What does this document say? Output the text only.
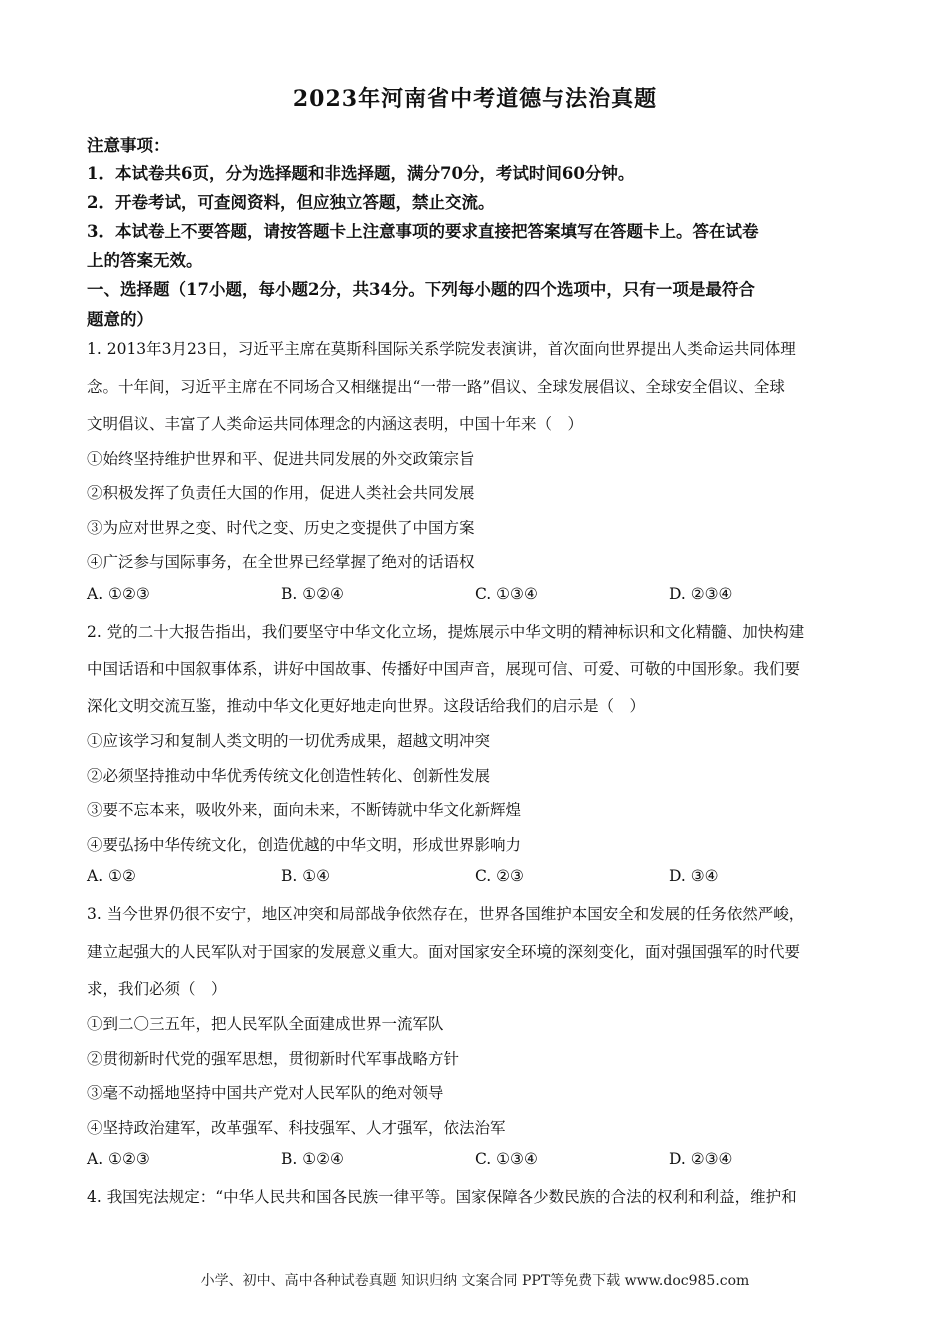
2023年河南省中考道德与法治真题
注意事项：
1．本试卷共6页，分为选择题和非选择题，满分70分，考试时间60分钟。
2．开卷考试，可查阅资料，但应独立答题，禁止交流。
3．本试卷上不要答题，请按答题卡上注意事项的要求直接把答案填写在答题卡上。答在试卷
上的答案无效。
一、选择题（17小题，每小题2分，共34分。下列每小题的四个选项中，只有一项是最符合
题意的）
1. 2013年3月23日，习近平主席在莫斯科国际关系学院发表演讲，首次面向世界提出人类命运共同体理
念。十年间，习近平主席在不同场合又相继提出“一带一路”倡议、全球发展倡议、全球安全倡议、全球
文明倡议、丰富了人类命运共同体理念的内涵这表明，中国十年来（　）
①始终坚持维护世界和平、促进共同发展的外交政策宗旨
②积极发挥了负责任大国的作用，促进人类社会共同发展
③为应对世界之变、时代之变、历史之变提供了中国方案
④广泛参与国际事务，在全世界已经掌握了绝对的话语权
A. ①②③	B. ①②④	C. ①③④	D. ②③④
2. 党的二十大报告指出，我们要坚守中华文化立场，提炼展示中华文明的精神标识和文化精髓、加快构建
中国话语和中国叙事体系，讲好中国故事、传播好中国声音，展现可信、可爱、可敬的中国形象。我们要
深化文明交流互鉴，推动中华文化更好地走向世界。这段话给我们的启示是（　）
①应该学习和复制人类文明的一切优秀成果，超越文明冲突
②必须坚持推动中华优秀传统文化创造性转化、创新性发展
③要不忘本来，吸收外来，面向未来，不断铸就中华文化新辉煌
④要弘扬中华传统文化，创造优越的中华文明，形成世界影响力
A. ①②	B. ①④	C. ②③	D. ③④
3. 当今世界仍很不安宁，地区冲突和局部战争依然存在，世界各国维护本国安全和发展的任务依然严峻，
建立起强大的人民军队对于国家的发展意义重大。面对国家安全环境的深刻变化，面对强国强军的时代要
求，我们必须（　）
①到二〇三五年，把人民军队全面建成世界一流军队
②贯彻新时代党的强军思想，贯彻新时代军事战略方针
③毫不动摇地坚持中国共产党对人民军队的绝对领导
④坚持政治建军，改革强军、科技强军、人才强军，依法治军
A. ①②③	B. ①②④	C. ①③④	D. ②③④
4. 我国宪法规定：“中华人民共和国各民族一律平等。国家保障各少数民族的合法的权利和利益，维护和
小学、初中、高中各种试卷真题 知识归纳 文案合同 PPT等免费下载 www.doc985.com
